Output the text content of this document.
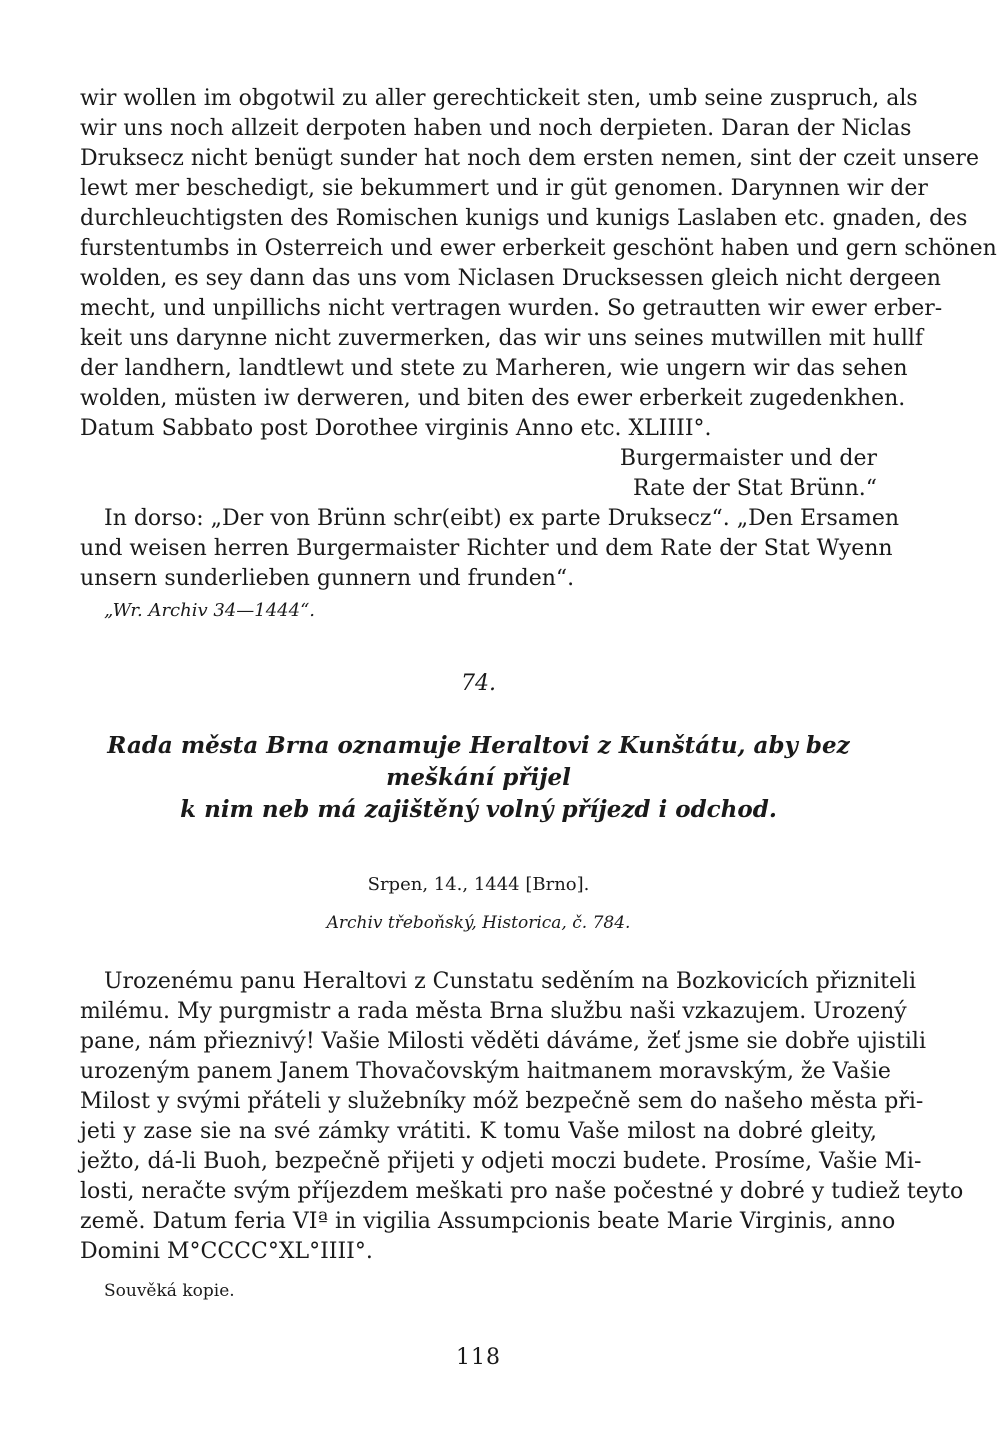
wir wollen im obgotwil zu aller gerechtickeit sten, umb seine zuspruch, als
wir uns noch allzeit derpoten haben und noch derpieten. Daran der Niclas
Druksecz nicht benügt sunder hat noch dem ersten nemen, sint der czeit unsere
lewt mer beschedigt, sie bekummert und ir güt genomen. Darynnen wir der
durchleuchtigsten des Romischen kunigs und kunigs Laslaben etc. gnaden, des
furstentumbs in Osterreich und ewer erberkeit geschönt haben und gern schönen
wolden, es sey dann das uns vom Niclasen Drucksessen gleich nicht dergeen
mecht, und unpillichs nicht vertragen wurden. So getrautten wir ewer erber-
keit uns darynne nicht zuvermerken, das wir uns seines mutwillen mit hullf
der landhern, landtlewt und stete zu Marheren, wie ungern wir das sehen
wolden, müsten iw derweren, und biten des ewer erberkeit zugedenkhen.
Datum Sabbato post Dorothee virginis Anno etc. XLIIII°.
Burgermaister und der
Rate der Stat Brünn.“
In dorso: „Der von Brünn schr(eibt) ex parte Druksecz“. „Den Ersamen
und weisen herren Burgermaister Richter und dem Rate der Stat Wyenn
unsern sunderlieben gunnern und frunden“.
„Wr. Archiv 34—1444“.
74.
Rada města Brna oznamuje Heraltovi z Kunštátu, aby bez meškání přijel
k nim neb má zajištěný volný příjezd i odchod.
Srpen, 14., 1444 [Brno].
Archiv třeboňský, Historica, č. 784.
Urozenému panu Heraltovi z Cunstatu seděním na Bozkovicích přizniteli
milému. My purgmistr a rada města Brna službu naši vzkazujem. Urozený
pane, nám přieznivý! Vašie Milosti věděti dáváme, žeť jsme sie dobře ujistili
urozeným panem Janem Thovačovským haitmanem moravským, že Vašie
Milost y svými přáteli y služebníky móž bezpečně sem do našeho města při-
jeti y zase sie na své zámky vrátiti. K tomu Vaše milost na dobré gleity,
ježto, dá-li Buoh, bezpečně přijeti y odjeti moczi budete. Prosíme, Vašie Mi-
losti, neračte svým příjezdem meškati pro naše počestné y dobré y tudiež teyto
země. Datum feria VIª in vigilia Assumpcionis beate Marie Virginis, anno
Domini M°CCCC°XL°IIII°.
Souvěká kopie.
118
